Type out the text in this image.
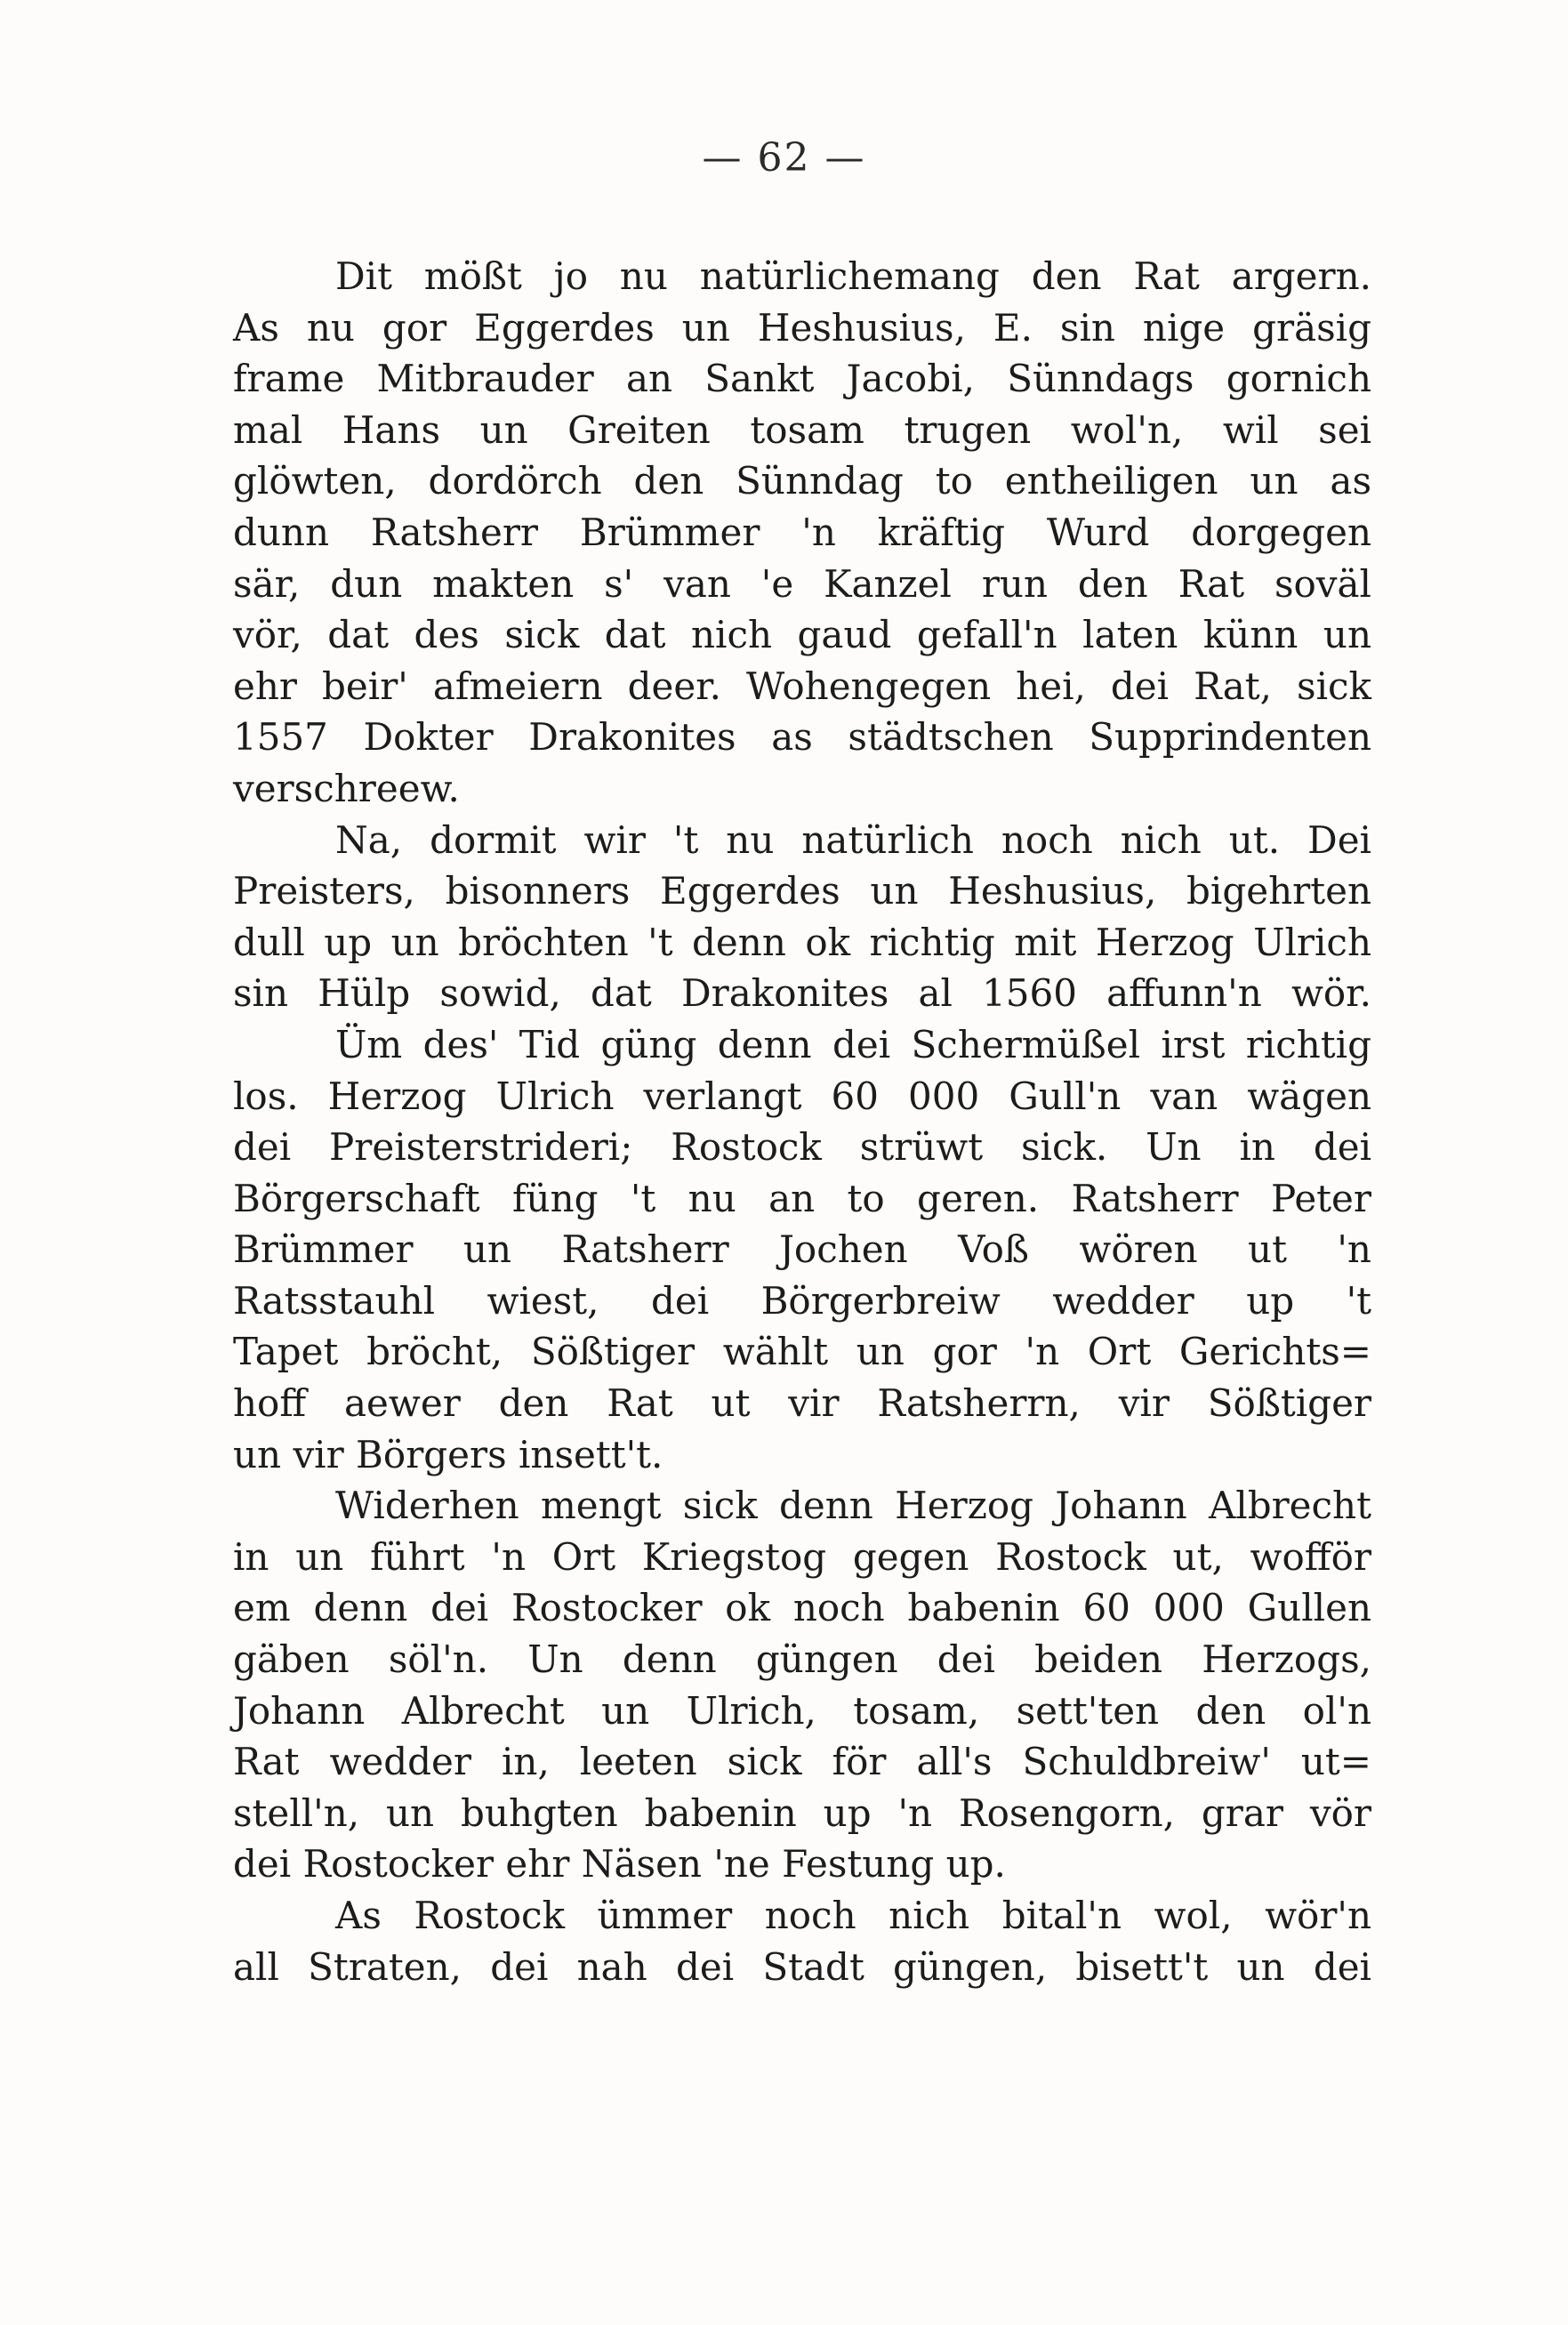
— 62 —
Dit mößt jo nu natürlichemang den Rat argern.
As nu gor Eggerdes un Heshusius, E. sin nige gräsig
frame Mitbrauder an Sankt Jacobi, Sünndags gornich
mal Hans un Greiten tosam trugen wol'n, wil sei
glöwten, dordörch den Sünndag to entheiligen un as
dunn Ratsherr Brümmer 'n kräftig Wurd dorgegen
sär, dun makten s' van 'e Kanzel run den Rat soväl
vör, dat des sick dat nich gaud gefall'n laten künn un
ehr beir' afmeiern deer. Wohengegen hei, dei Rat, sick
1557 Dokter Drakonites as städtschen Supprindenten
verschreew.
Na, dormit wir 't nu natürlich noch nich ut. Dei
Preisters, bisonners Eggerdes un Heshusius, bigehrten
dull up un bröchten 't denn ok richtig mit Herzog Ulrich
sin Hülp sowid, dat Drakonites al 1560 affunn'n wör.
Üm des' Tid güng denn dei Schermüßel irst richtig
los. Herzog Ulrich verlangt 60 000 Gull'n van wägen
dei Preisterstrideri; Rostock strüwt sick. Un in dei
Börgerschaft füng 't nu an to geren. Ratsherr Peter
Brümmer un Ratsherr Jochen Voß wören ut 'n
Ratsstauhl wiest, dei Börgerbreiw wedder up 't
Tapet bröcht, Sößtiger wählt un gor 'n Ort Gerichts=
hoff aewer den Rat ut vir Ratsherrn, vir Sößtiger
un vir Börgers insett't.
Widerhen mengt sick denn Herzog Johann Albrecht
in un führt 'n Ort Kriegstog gegen Rostock ut, wofför
em denn dei Rostocker ok noch babenin 60 000 Gullen
gäben söl'n. Un denn güngen dei beiden Herzogs,
Johann Albrecht un Ulrich, tosam, sett'ten den ol'n
Rat wedder in, leeten sick för all's Schuldbreiw' ut=
stell'n, un buhgten babenin up 'n Rosengorn, grar vör
dei Rostocker ehr Näsen 'ne Festung up.
As Rostock ümmer noch nich bital'n wol, wör'n
all Straten, dei nah dei Stadt güngen, bisett't un dei
